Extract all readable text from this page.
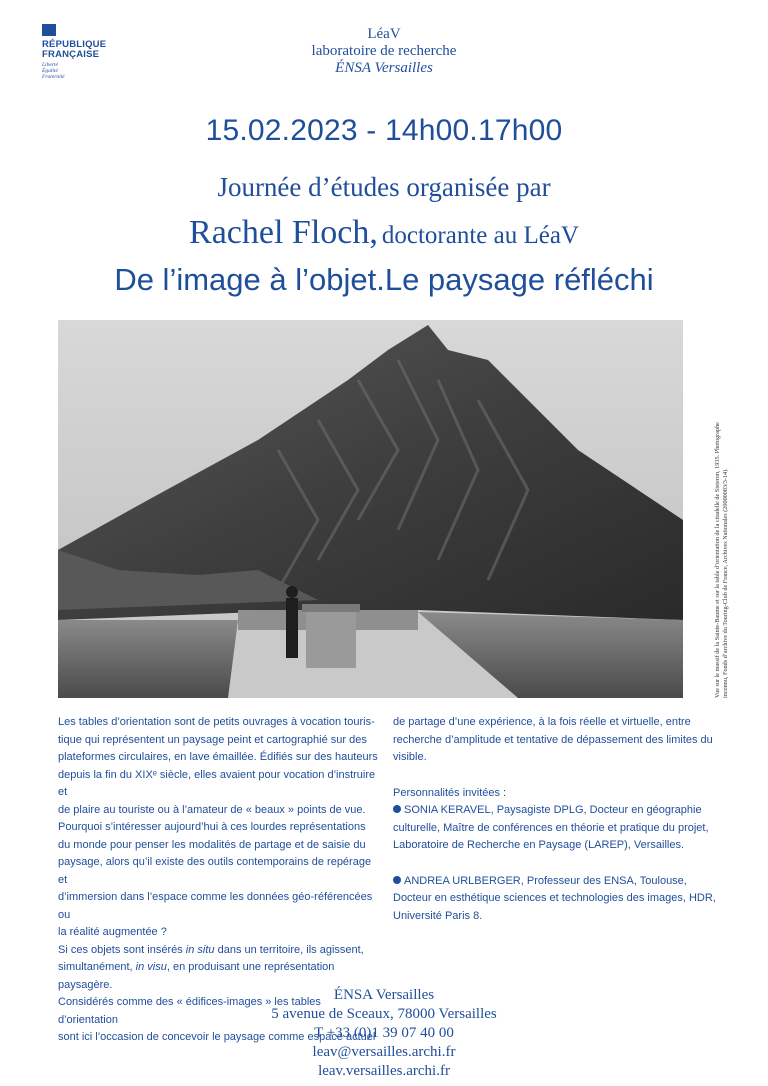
RÉPUBLIQUE
FRANÇAISE
Liberté
Égalité
Fraternité
LéaV
laboratoire de recherche
ÉNSA Versailles
15.02.2023 - 14h00.17h00
Journée d’études organisée par
Rachel Floch, doctorante au LéaV
De l’image à l’objet.Le paysage réfléchi
Vue sur le massif de la Sainte-Baume et sur la table d’orientation de la citadelle de Sisteron, 1935. Photographe inconnu, Fonds d’archive du Touring-Club de France, Archives Nationales (20000083/3-14).

Les tables d’orientation sont de petits ouvrages à vocation touris-

tique qui représentent un paysage peint et cartographié sur des

plateformes circulaires, en lave émaillée. Édifiés sur des hauteurs

depuis la fin du XIXᵉ siècle, elles avaient pour vocation d’instruire et

de plaire au touriste ou à l’amateur de « beaux » points de vue.

Pourquoi s’intéresser aujourd’hui à ces lourdes représentations

du monde pour penser les modalités de partage et de saisie du

paysage, alors qu’il existe des outils contemporains de repérage et

d’immersion dans l’espace comme les données géo-référencées ou

la réalité augmentée ?

Si ces objets sont insérés in situ dans un territoire, ils agissent,

simultanément, in visu, en produisant une représentation paysagère.

Considérés comme des « édifices-images » les tables d’orientation

sont ici l’occasion de concevoir le paysage comme espace actuel

de partage d’une expérience, à la fois réelle et virtuelle, entre

recherche d’amplitude et tentative de dépassement des limites du

visible.

Personnalités invitées :

SONIA KERAVEL, Paysagiste DPLG, Docteur en géographie

culturelle, Maître de conférences en théorie et pratique du projet,

Laboratoire de Recherche en Paysage (LAREP), Versailles.

ANDREA URLBERGER, Professeur des ENSA, Toulouse,

Docteur en esthétique sciences et technologies des images, HDR,

Université Paris 8.

ÉNSA Versailles
5 avenue de Sceaux, 78000 Versailles
T +33 (0)1 39 07 40 00
leav@versailles.archi.fr
leav.versailles.archi.fr
